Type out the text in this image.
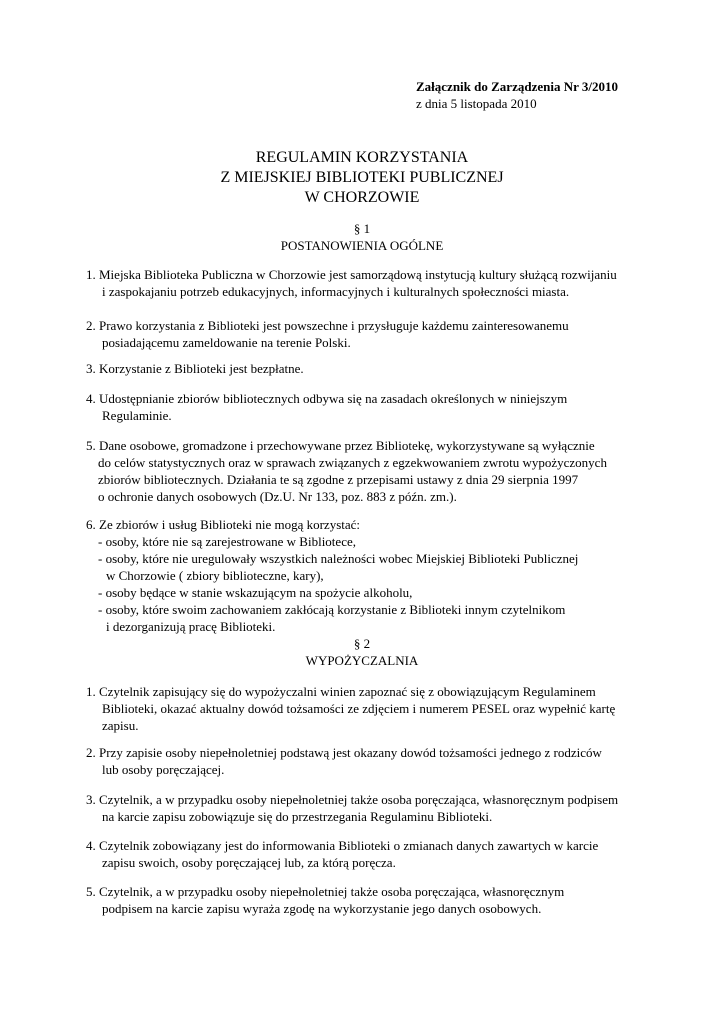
Załącznik do Zarządzenia Nr 3/2010
z dnia 5 listopada 2010
REGULAMIN KORZYSTANIA
Z MIEJSKIEJ BIBLIOTEKI PUBLICZNEJ
W CHORZOWIE
§ 1
POSTANOWIENIA OGÓLNE
1. Miejska Biblioteka Publiczna w Chorzowie jest samorządową instytucją kultury służącą rozwijaniu
i zaspokajaniu potrzeb edukacyjnych, informacyjnych i kulturalnych społeczności miasta.
2. Prawo korzystania z Biblioteki jest powszechne i przysługuje każdemu zainteresowanemu
posiadającemu zameldowanie na terenie Polski.
3. Korzystanie z Biblioteki jest bezpłatne.
4. Udostępnianie zbiorów bibliotecznych odbywa się na zasadach określonych w niniejszym
Regulaminie.
5. Dane osobowe, gromadzone i przechowywane przez Bibliotekę, wykorzystywane są wyłącznie
do celów statystycznych oraz w sprawach związanych z egzekwowaniem zwrotu wypożyczonych
zbiorów bibliotecznych. Działania te są zgodne z przepisami ustawy z dnia 29 sierpnia 1997
o ochronie danych osobowych (Dz.U. Nr 133, poz. 883 z późn. zm.).
6. Ze zbiorów i usług Biblioteki nie mogą korzystać:
- osoby, które nie są zarejestrowane w Bibliotece,
- osoby, które nie uregulowały wszystkich należności wobec Miejskiej Biblioteki Publicznej
w Chorzowie ( zbiory biblioteczne, kary),
- osoby będące w stanie wskazującym na spożycie alkoholu,
- osoby, które swoim zachowaniem zakłócają korzystanie z Biblioteki innym czytelnikom
i dezorganizują pracę Biblioteki.
§ 2
WYPOŻYCZALNIA
1. Czytelnik zapisujący się do wypożyczalni winien zapoznać się z obowiązującym Regulaminem
Biblioteki, okazać aktualny dowód tożsamości ze zdjęciem i numerem PESEL oraz wypełnić kartę
zapisu.
2. Przy zapisie osoby niepełnoletniej podstawą jest okazany dowód tożsamości jednego z rodziców
lub osoby poręczającej.
3. Czytelnik, a w przypadku osoby niepełnoletniej także osoba poręczająca, własnoręcznym podpisem
na karcie zapisu zobowiązuje się do przestrzegania Regulaminu Biblioteki.
4. Czytelnik zobowiązany jest do informowania Biblioteki o zmianach danych zawartych w karcie
zapisu swoich, osoby poręczającej lub, za którą poręcza.
5. Czytelnik, a w przypadku osoby niepełnoletniej także osoba poręczająca, własnoręcznym
podpisem na karcie zapisu wyraża zgodę na wykorzystanie jego danych osobowych.
